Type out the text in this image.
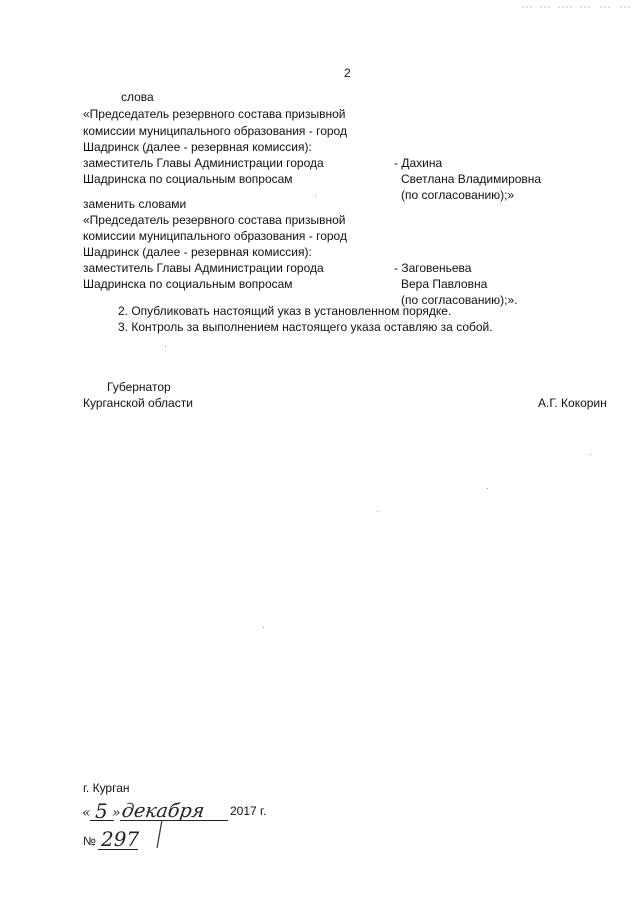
2
слова
«Председатель резервного состава призывной
комиссии муниципального образования - город
Шадринск (далее - резервная комиссия):
заместитель Главы Администрации города
Шадринска по социальным вопросам
- Дахина
Светлана Владимировна
(по согласованию);»
заменить словами
«Председатель резервного состава призывной
комиссии муниципального образования - город
Шадринск (далее - резервная комиссия):
заместитель Главы Администрации города
Шадринска по социальным вопросам
- Заговеньева
Вера Павловна
(по согласованию);».
2. Опубликовать настоящий указ в установленном порядке.
3. Контроль за выполнением настоящего указа оставляю за собой.
Губернатор
Курганской области	А.Г. Кокорин
г. Курган
« 5 » декабря 2017 г.
№ 297
